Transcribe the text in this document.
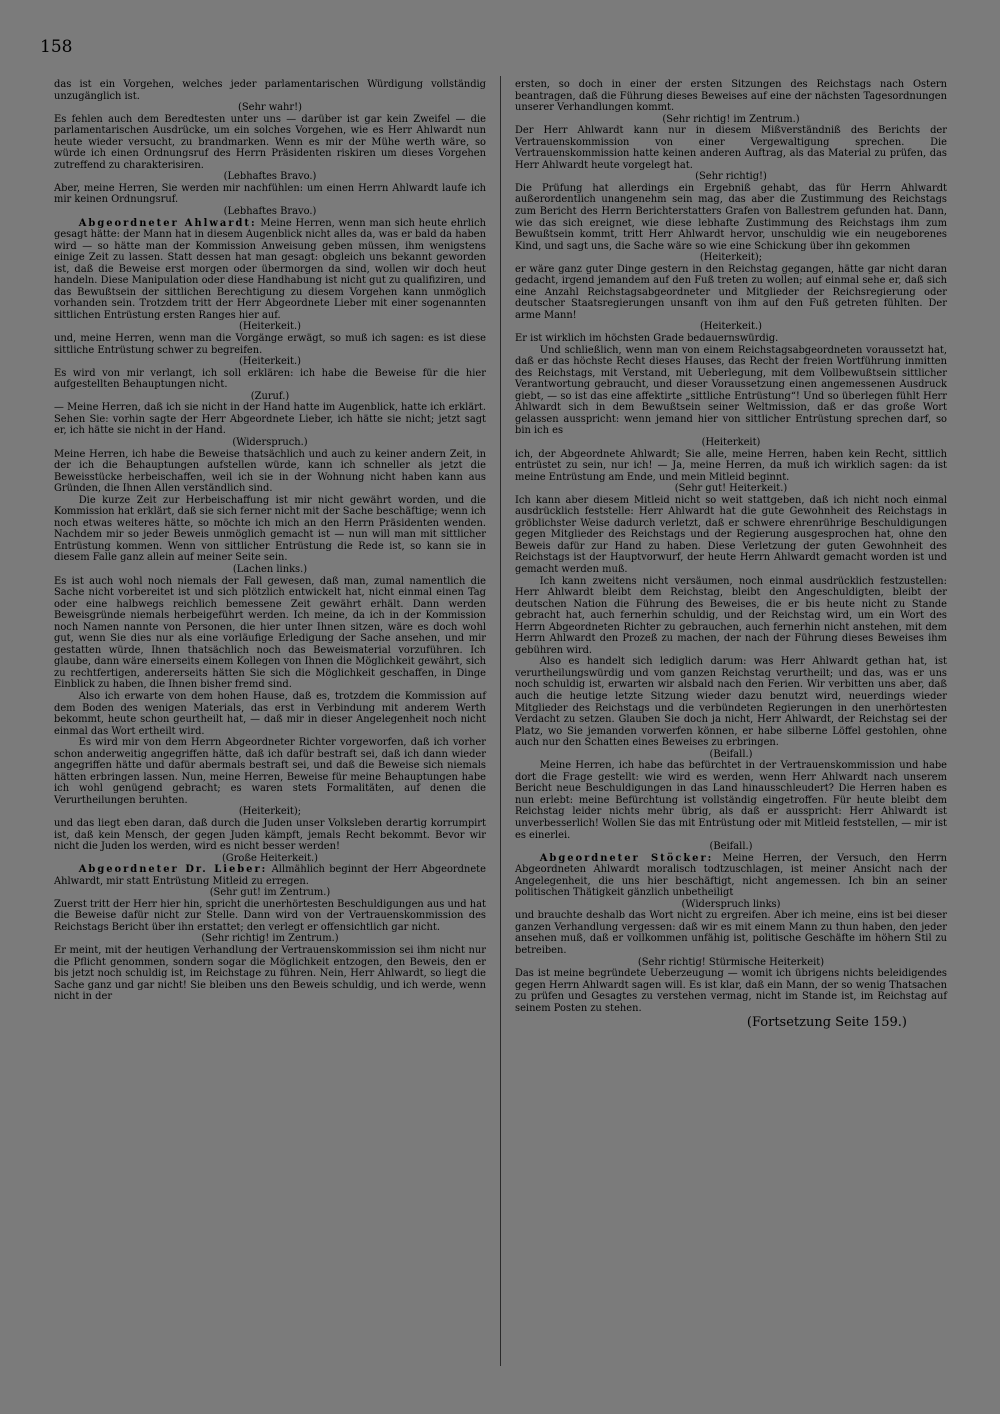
158

das ist ein Vorgehen, welches jeder parlamentarischen Würdigung vollständig unzugänglich ist.

(Sehr wahr!)

Es fehlen auch dem Beredtesten unter uns — darüber ist gar kein Zweifel — die parlamentarischen Ausdrücke, um ein solches Vorgehen, wie es Herr Ahlwardt nun heute wieder versucht, zu brandmarken. Wenn es mir der Mühe werth wäre, so würde ich einen Ordnungsruf des Herrn Präsidenten riskiren um dieses Vorgehen zutreffend zu charakterisiren.

(Lebhaftes Bravo.)

Aber, meine Herren, Sie werden mir nachfühlen: um einen Herrn Ahlwardt laufe ich mir keinen Ordnungsruf.

(Lebhaftes Bravo.)

Abgeordneter Ahlwardt: Meine Herren, wenn man sich heute ehrlich gesagt hätte: der Mann hat in diesem Augenblick nicht alles da, was er bald da haben wird — so hätte man der Kommission Anweisung geben müssen, ihm wenigstens einige Zeit zu lassen. Statt dessen hat man gesagt: obgleich uns bekannt geworden ist, daß die Beweise erst morgen oder übermorgen da sind, wollen wir doch heut handeln. Diese Manipulation oder diese Handhabung ist nicht gut zu qualifiziren, und das Bewußtsein der sittlichen Berechtigung zu diesem Vorgehen kann unmöglich vorhanden sein. Trotzdem tritt der Herr Abgeordnete Lieber mit einer sogenannten sittlichen Entrüstung ersten Ranges hier auf.

(Heiterkeit.)

und, meine Herren, wenn man die Vorgänge erwägt, so muß ich sagen: es ist diese sittliche Entrüstung schwer zu begreifen.

(Heiterkeit.)

Es wird von mir verlangt, ich soll erklären: ich habe die Beweise für die hier aufgestellten Behauptungen nicht.

(Zuruf.)

— Meine Herren, daß ich sie nicht in der Hand hatte im Augenblick, hatte ich erklärt. Sehen Sie: vorhin sagte der Herr Abgeordnete Lieber, ich hätte sie nicht; jetzt sagt er, ich hätte sie nicht in der Hand.

(Widerspruch.)

Meine Herren, ich habe die Beweise thatsächlich und auch zu keiner andern Zeit, in der ich die Behauptungen aufstellen würde, kann ich schneller als jetzt die Beweisstücke herbeischaffen, weil ich sie in der Wohnung nicht haben kann aus Gründen, die Ihnen Allen verständlich sind.

Die kurze Zeit zur Herbeischaffung ist mir nicht gewährt worden, und die Kommission hat erklärt, daß sie sich ferner nicht mit der Sache beschäftige; wenn ich noch etwas weiteres hätte, so möchte ich mich an den Herrn Präsidenten wenden. Nachdem mir so jeder Beweis unmöglich gemacht ist — nun will man mit sittlicher Entrüstung kommen. Wenn von sittlicher Entrüstung die Rede ist, so kann sie in diesem Falle ganz allein auf meiner Seite sein.

(Lachen links.)

Es ist auch wohl noch niemals der Fall gewesen, daß man, zumal namentlich die Sache nicht vorbereitet ist und sich plötzlich entwickelt hat, nicht einmal einen Tag oder eine halbwegs reichlich bemessene Zeit gewährt erhält. Dann werden Beweisgründe niemals herbeigeführt werden. Ich meine, da ich in der Kommission noch Namen nannte von Personen, die hier unter Ihnen sitzen, wäre es doch wohl gut, wenn Sie dies nur als eine vorläufige Erledigung der Sache ansehen, und mir gestatten würde, Ihnen thatsächlich noch das Beweismaterial vorzuführen. Ich glaube, dann wäre einerseits einem Kollegen von Ihnen die Möglichkeit gewährt, sich zu rechtfertigen, andererseits hätten Sie sich die Möglichkeit geschaffen, in Dinge Einblick zu haben, die Ihnen bisher fremd sind.

Also ich erwarte von dem hohen Hause, daß es, trotzdem die Kommission auf dem Boden des wenigen Materials, das erst in Verbindung mit anderem Werth bekommt, heute schon geurtheilt hat, — daß mir in dieser Angelegenheit noch nicht einmal das Wort ertheilt wird.

Es wird mir von dem Herrn Abgeordneter Richter vorgeworfen, daß ich vorher schon anderweitig angegriffen hätte, daß ich dafür bestraft sei, daß ich dann wieder angegriffen hätte und dafür abermals bestraft sei, und daß die Beweise sich niemals hätten erbringen lassen. Nun, meine Herren, Beweise für meine Behauptungen habe ich wohl genügend gebracht; es waren stets Formalitäten, auf denen die Verurtheilungen beruhten.

(Heiterkeit);

und das liegt eben daran, daß durch die Juden unser Volksleben derartig korrumpirt ist, daß kein Mensch, der gegen Juden kämpft, jemals Recht bekommt. Bevor wir nicht die Juden los werden, wird es nicht besser werden!

(Große Heiterkeit.)

Abgeordneter Dr. Lieber: Allmählich beginnt der Herr Abgeordnete Ahlwardt, mir statt Entrüstung Mitleid zu erregen.

(Sehr gut! im Zentrum.)

Zuerst tritt der Herr hier hin, spricht die unerhörtesten Beschuldigungen aus und hat die Beweise dafür nicht zur Stelle. Dann wird von der Vertrauenskommission des Reichstags Bericht über ihn erstattet; den verlegt er offensichtlich gar nicht.

(Sehr richtig! im Zentrum.)

Er meint, mit der heutigen Verhandlung der Vertrauenskommission sei ihm nicht nur die Pflicht genommen, sondern sogar die Möglichkeit entzogen, den Beweis, den er bis jetzt noch schuldig ist, im Reichstage zu führen. Nein, Herr Ahlwardt, so liegt die Sache ganz und gar nicht! Sie bleiben uns den Beweis schuldig, und ich werde, wenn nicht in der

ersten, so doch in einer der ersten Sitzungen des Reichstags nach Ostern beantragen, daß die Führung dieses Beweises auf eine der nächsten Tagesordnungen unserer Verhandlungen kommt.

(Sehr richtig! im Zentrum.)

Der Herr Ahlwardt kann nur in diesem Mißverständniß des Berichts der Vertrauenskommission von einer Vergewaltigung sprechen. Die Vertrauenskommission hatte keinen anderen Auftrag, als das Material zu prüfen, das Herr Ahlwardt heute vorgelegt hat.

(Sehr richtig!)

Die Prüfung hat allerdings ein Ergebniß gehabt, das für Herrn Ahlwardt außerordentlich unangenehm sein mag, das aber die Zustimmung des Reichstags zum Bericht des Herrn Berichterstatters Grafen von Ballestrem gefunden hat. Dann, wie das sich ereignet, wie diese lebhafte Zustimmung des Reichstags ihm zum Bewußtsein kommt, tritt Herr Ahlwardt hervor, unschuldig wie ein neugeborenes Kind, und sagt uns, die Sache wäre so wie eine Schickung über ihn gekommen

(Heiterkeit);

er wäre ganz guter Dinge gestern in den Reichstag gegangen, hätte gar nicht daran gedacht, irgend jemandem auf den Fuß treten zu wollen; auf einmal sehe er, daß sich eine Anzahl Reichstagsabgeordneter und Mitglieder der Reichsregierung oder deutscher Staatsregierungen unsanft von ihm auf den Fuß getreten fühlten. Der arme Mann!

(Heiterkeit.)

Er ist wirklich im höchsten Grade bedauernswürdig.

Und schließlich, wenn man von einem Reichstagsabgeordneten voraussetzt hat, daß er das höchste Recht dieses Hauses, das Recht der freien Wortführung inmitten des Reichstags, mit Verstand, mit Ueberlegung, mit dem Vollbewußtsein sittlicher Verantwortung gebraucht, und dieser Voraussetzung einen angemessenen Ausdruck giebt, — so ist das eine affektirte „sittliche Entrüstung“! Und so überlegen fühlt Herr Ahlwardt sich in dem Bewußtsein seiner Weltmission, daß er das große Wort gelassen ausspricht: wenn jemand hier von sittlicher Entrüstung sprechen darf, so bin ich es

(Heiterkeit)

ich, der Abgeordnete Ahlwardt; Sie alle, meine Herren, haben kein Recht, sittlich entrüstet zu sein, nur ich! — Ja, meine Herren, da muß ich wirklich sagen: da ist meine Entrüstung am Ende, und mein Mitleid beginnt.

(Sehr gut! Heiterkeit.)

Ich kann aber diesem Mitleid nicht so weit stattgeben, daß ich nicht noch einmal ausdrücklich feststelle: Herr Ahlwardt hat die gute Gewohnheit des Reichstags in gröblichster Weise dadurch verletzt, daß er schwere ehrenrührige Beschuldigungen gegen Mitglieder des Reichstags und der Regierung ausgesprochen hat, ohne den Beweis dafür zur Hand zu haben. Diese Verletzung der guten Gewohnheit des Reichstags ist der Hauptvorwurf, der heute Herrn Ahlwardt gemacht worden ist und gemacht werden muß.

Ich kann zweitens nicht versäumen, noch einmal ausdrücklich festzustellen: Herr Ahlwardt bleibt dem Reichstag, bleibt den Angeschuldigten, bleibt der deutschen Nation die Führung des Beweises, die er bis heute nicht zu Stande gebracht hat, auch fernerhin schuldig, und der Reichstag wird, um ein Wort des Herrn Abgeordneten Richter zu gebrauchen, auch fernerhin nicht anstehen, mit dem Herrn Ahlwardt den Prozeß zu machen, der nach der Führung dieses Beweises ihm gebühren wird.

Also es handelt sich lediglich darum: was Herr Ahlwardt gethan hat, ist verurtheilungswürdig und vom ganzen Reichstag verurtheilt; und das, was er uns noch schuldig ist, erwarten wir alsbald nach den Ferien. Wir verbitten uns aber, daß auch die heutige letzte Sitzung wieder dazu benutzt wird, neuerdings wieder Mitglieder des Reichstags und die verbündeten Regierungen in den unerhörtesten Verdacht zu setzen. Glauben Sie doch ja nicht, Herr Ahlwardt, der Reichstag sei der Platz, wo Sie jemanden vorwerfen können, er habe silberne Löffel gestohlen, ohne auch nur den Schatten eines Beweises zu erbringen.

(Beifall.)

Meine Herren, ich habe das befürchtet in der Vertrauenskommission und habe dort die Frage gestellt: wie wird es werden, wenn Herr Ahlwardt nach unserem Bericht neue Beschuldigungen in das Land hinausschleudert? Die Herren haben es nun erlebt: meine Befürchtung ist vollständig eingetroffen. Für heute bleibt dem Reichstag leider nichts mehr übrig, als daß er ausspricht: Herr Ahlwardt ist unverbesserlich! Wollen Sie das mit Entrüstung oder mit Mitleid feststellen, — mir ist es einerlei.

(Beifall.)

Abgeordneter Stöcker: Meine Herren, der Versuch, den Herrn Abgeordneten Ahlwardt moralisch todtzuschlagen, ist meiner Ansicht nach der Angelegenheit, die uns hier beschäftigt, nicht angemessen. Ich bin an seiner politischen Thätigkeit gänzlich unbetheiligt

(Widerspruch links)

und brauchte deshalb das Wort nicht zu ergreifen. Aber ich meine, eins ist bei dieser ganzen Verhandlung vergessen: daß wir es mit einem Mann zu thun haben, den jeder ansehen muß, daß er vollkommen unfähig ist, politische Geschäfte im höhern Stil zu betreiben.

(Sehr richtig! Stürmische Heiterkeit)

Das ist meine begründete Ueberzeugung — womit ich übrigens nichts beleidigendes gegen Herrn Ahlwardt sagen will. Es ist klar, daß ein Mann, der so wenig Thatsachen zu prüfen und Gesagtes zu verstehen vermag, nicht im Stande ist, im Reichstag auf seinem Posten zu stehen.

(Fortsetzung Seite 159.)
